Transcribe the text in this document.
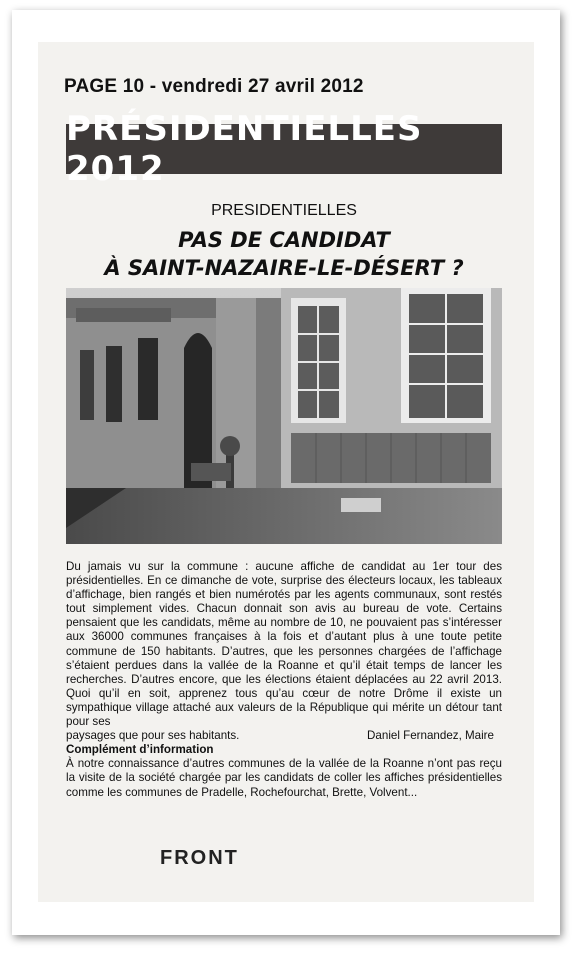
PAGE 10 - vendredi 27 avril 2012
PRÉSIDENTIELLES 2012
PRESIDENTIELLES
PAS DE CANDIDAT
À SAINT-NAZAIRE-LE-DÉSERT ?

Du jamais vu sur la commune : aucune affiche de candidat au 1er tour des présidentielles. En ce dimanche de vote, surprise des électeurs locaux, les tableaux d’affichage, bien rangés et bien numérotés par les agents communaux, sont restés tout simplement vides. Chacun donnait son avis au bureau de vote. Certains pensaient que les candidats, même au nombre de 10, ne pouvaient pas s’intéresser aux 36000 communes françaises à la fois et d’autant plus à une toute petite commune de 150 habitants. D’autres, que les personnes chargées de l’affichage s’étaient perdues dans la vallée de la Roanne et qu’il était temps de lancer les recherches. D’autres encore, que les élections étaient déplacées au 22 avril 2013. Quoi qu’il en soit, apprenez tous qu’au cœur de notre Drôme il existe un sympathique village attaché aux valeurs de la République qui mérite un détour tant pour ses

paysages que pour ses habitants.	Daniel Fernandez, Maire
Complément d’information

À notre connaissance d’autres communes de la vallée de la Roanne n’ont pas reçu la visite de la société chargée par les candidats de coller les affiches présidentielles comme les communes de Pradelle, Rochefourchat, Brette, Volvent...
